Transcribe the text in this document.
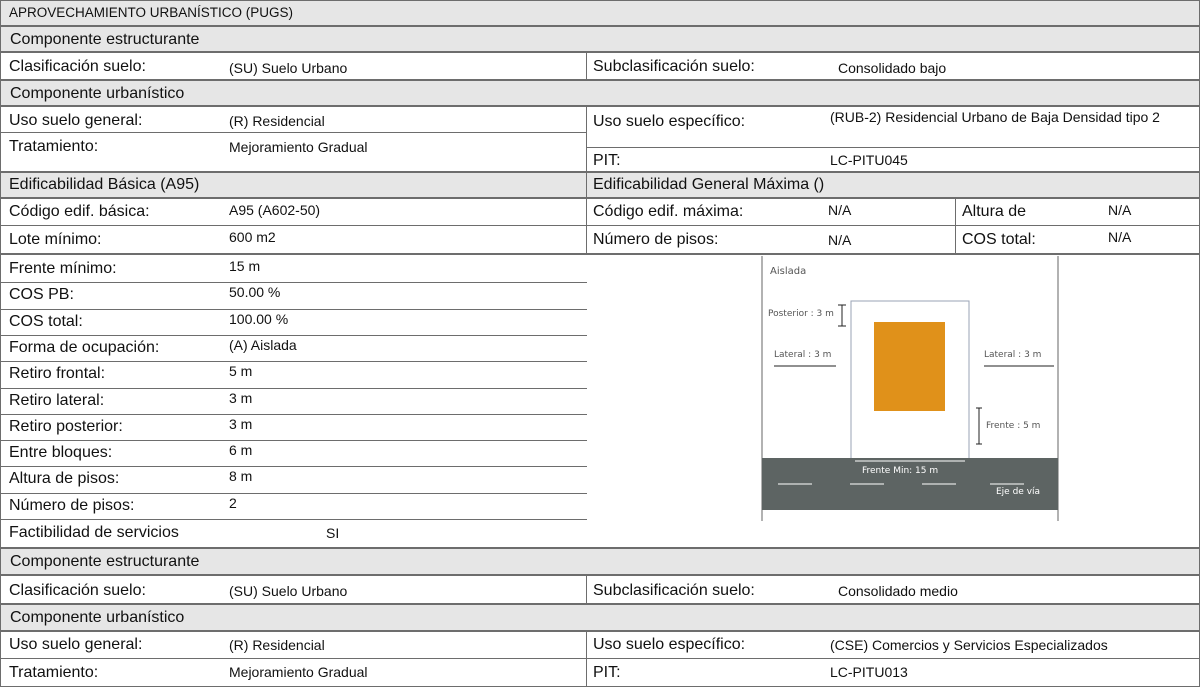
APROVECHAMIENTO URBANÍSTICO (PUGS)
Componente estructurante
Clasificación suelo:	(SU) Suelo Urbano	Subclasificación suelo:	Consolidado bajo
Componente urbanístico
Uso suelo general:	(R) Residencial
Tratamiento:	Mejoramiento Gradual
Uso suelo específico:	(RUB-2) Residencial Urbano de Baja Densidad tipo 2
PIT:	LC-PITU045
Edificabilidad Básica (A95)	Edificabilidad General Máxima ()
Código edif. básica:	A95 (A602-50)	Código edif. máxima:	N/A	Altura de	N/A
Lote mínimo:	600 m2	Número de pisos:	N/A	COS total:	N/A
Frente mínimo:	15 m
COS PB:	50.00 %
COS total:	100.00 %
Forma de ocupación:	(A) Aislada
Retiro frontal:	5 m
Retiro lateral:	3 m
Retiro posterior:	3 m
Entre bloques:	6 m
Altura de pisos:	8 m
Número de pisos:	2
Factibilidad de servicios	SI
Aislada
Posterior : 3 m
Lateral : 3 m	Lateral : 3 m
Frente : 5 m
Frente Min: 15 m
Eje de vía
Componente estructurante
Clasificación suelo:	(SU) Suelo Urbano	Subclasificación suelo:	Consolidado medio
Componente urbanístico
Uso suelo general:	(R) Residencial	Uso suelo específico:	(CSE) Comercios y Servicios Especializados
Tratamiento:	Mejoramiento Gradual	PIT:	LC-PITU013
